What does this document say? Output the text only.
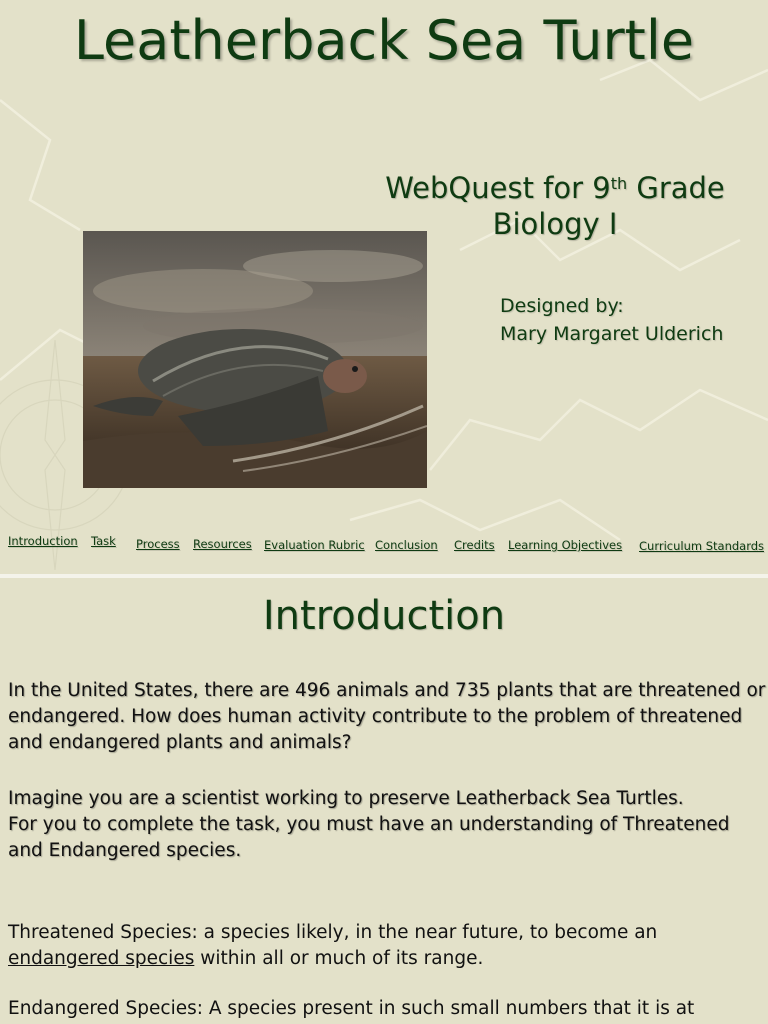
Leatherback Sea Turtle
WebQuest for 9th Grade
Biology I
Designed by:
Mary Margaret Ulderich
Introduction Task Process Resources Evaluation Rubric Conclusion Credits Learning Objectives Curriculum Standards
Introduction
In the United States, there are 496 animals and 735 plants that are threatened or endangered. How does human activity contribute to the problem of threatened and endangered plants and animals?
Imagine you are a scientist working to preserve Leatherback Sea Turtles.
For you to complete the task, you must have an understanding of Threatened and Endangered species.
Threatened Species: a species likely, in the near future, to become an endangered species within all or much of its range.
Endangered Species: A species present in such small numbers that it is at
